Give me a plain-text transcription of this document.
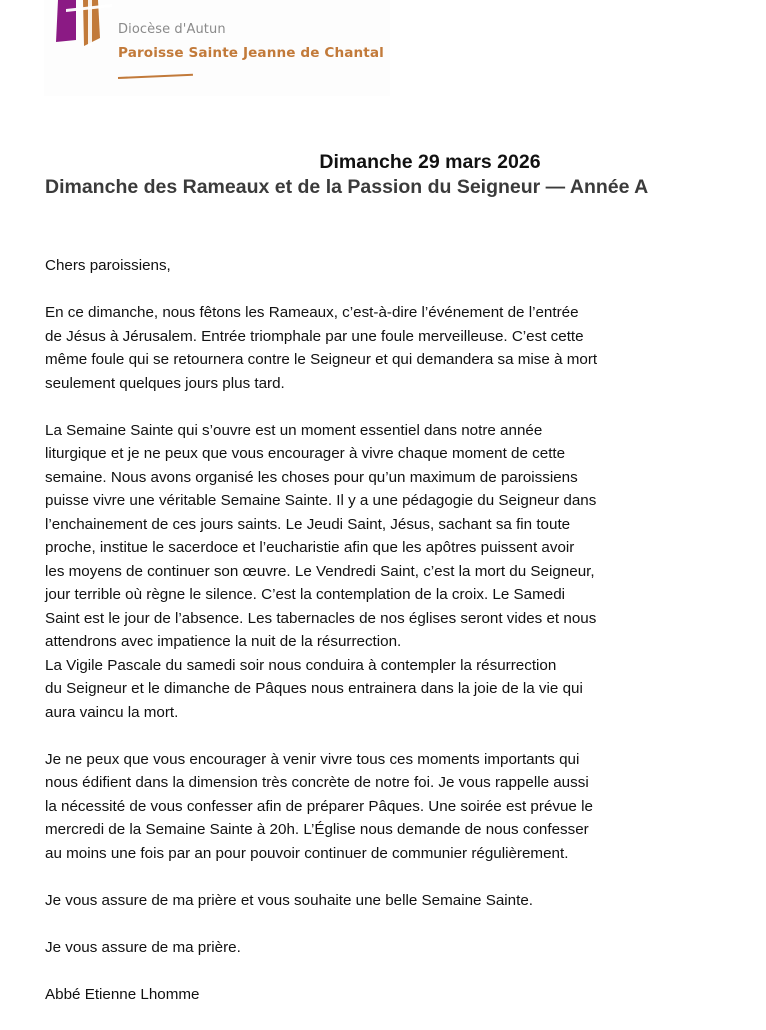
Diocèse d'Autun
Paroisse Sainte Jeanne de Chantal
Dimanche 29 mars 2026
Dimanche des Rameaux et de la Passion du Seigneur — Année A

Chers paroissiens,

En ce dimanche, nous fêtons les Rameaux, c’est-à-dire l’événement de l’entrée
de Jésus à Jérusalem. Entrée triomphale par une foule merveilleuse. C’est cette
même foule qui se retournera contre le Seigneur et qui demandera sa mise à mort
seulement quelques jours plus tard.

La Semaine Sainte qui s’ouvre est un moment essentiel dans notre année
liturgique et je ne peux que vous encourager à vivre chaque moment de cette
semaine. Nous avons organisé les choses pour qu’un maximum de paroissiens
puisse vivre une véritable Semaine Sainte. Il y a une pédagogie du Seigneur dans
l’enchainement de ces jours saints. Le Jeudi Saint, Jésus, sachant sa fin toute
proche, institue le sacerdoce et l’eucharistie afin que les apôtres puissent avoir
les moyens de continuer son œuvre. Le Vendredi Saint, c’est la mort du Seigneur,
jour terrible où règne le silence. C’est la contemplation de la croix. Le Samedi
Saint est le jour de l’absence. Les tabernacles de nos églises seront vides et nous
attendrons avec impatience la nuit de la résurrection.

La Vigile Pascale du samedi soir nous conduira à contempler la résurrection
du Seigneur et le dimanche de Pâques nous entrainera dans la joie de la vie qui
aura vaincu la mort.

Je ne peux que vous encourager à venir vivre tous ces moments importants qui
nous édifient dans la dimension très concrète de notre foi. Je vous rappelle aussi
la nécessité de vous confesser afin de préparer Pâques. Une soirée est prévue le
mercredi de la Semaine Sainte à 20h. L’Église nous demande de nous confesser
au moins une fois par an pour pouvoir continuer de communier régulièrement.

Je vous assure de ma prière et vous souhaite une belle Semaine Sainte.

Je vous assure de ma prière.

Abbé Etienne Lhomme
